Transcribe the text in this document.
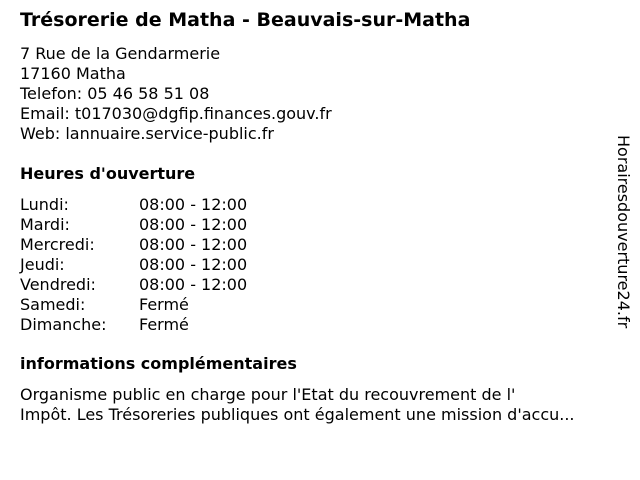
Trésorerie de Matha - Beauvais-sur-Matha
7 Rue de la Gendarmerie
17160 Matha
Telefon: 05 46 58 51 08
Email: t017030@dgfip.finances.gouv.fr
Web: lannuaire.service-public.fr
Heures d'ouverture
Lundi:	08:00 - 12:00
Mardi:	08:00 - 12:00
Mercredi:	08:00 - 12:00
Jeudi:	08:00 - 12:00
Vendredi:	08:00 - 12:00
Samedi:	Fermé
Dimanche: Fermé
informations complémentaires
Organisme public en charge pour l'Etat du recouvrement de l'
Impôt. Les Trésoreries publiques ont également une mission d'accu...
Horairesdouverture24.fr
